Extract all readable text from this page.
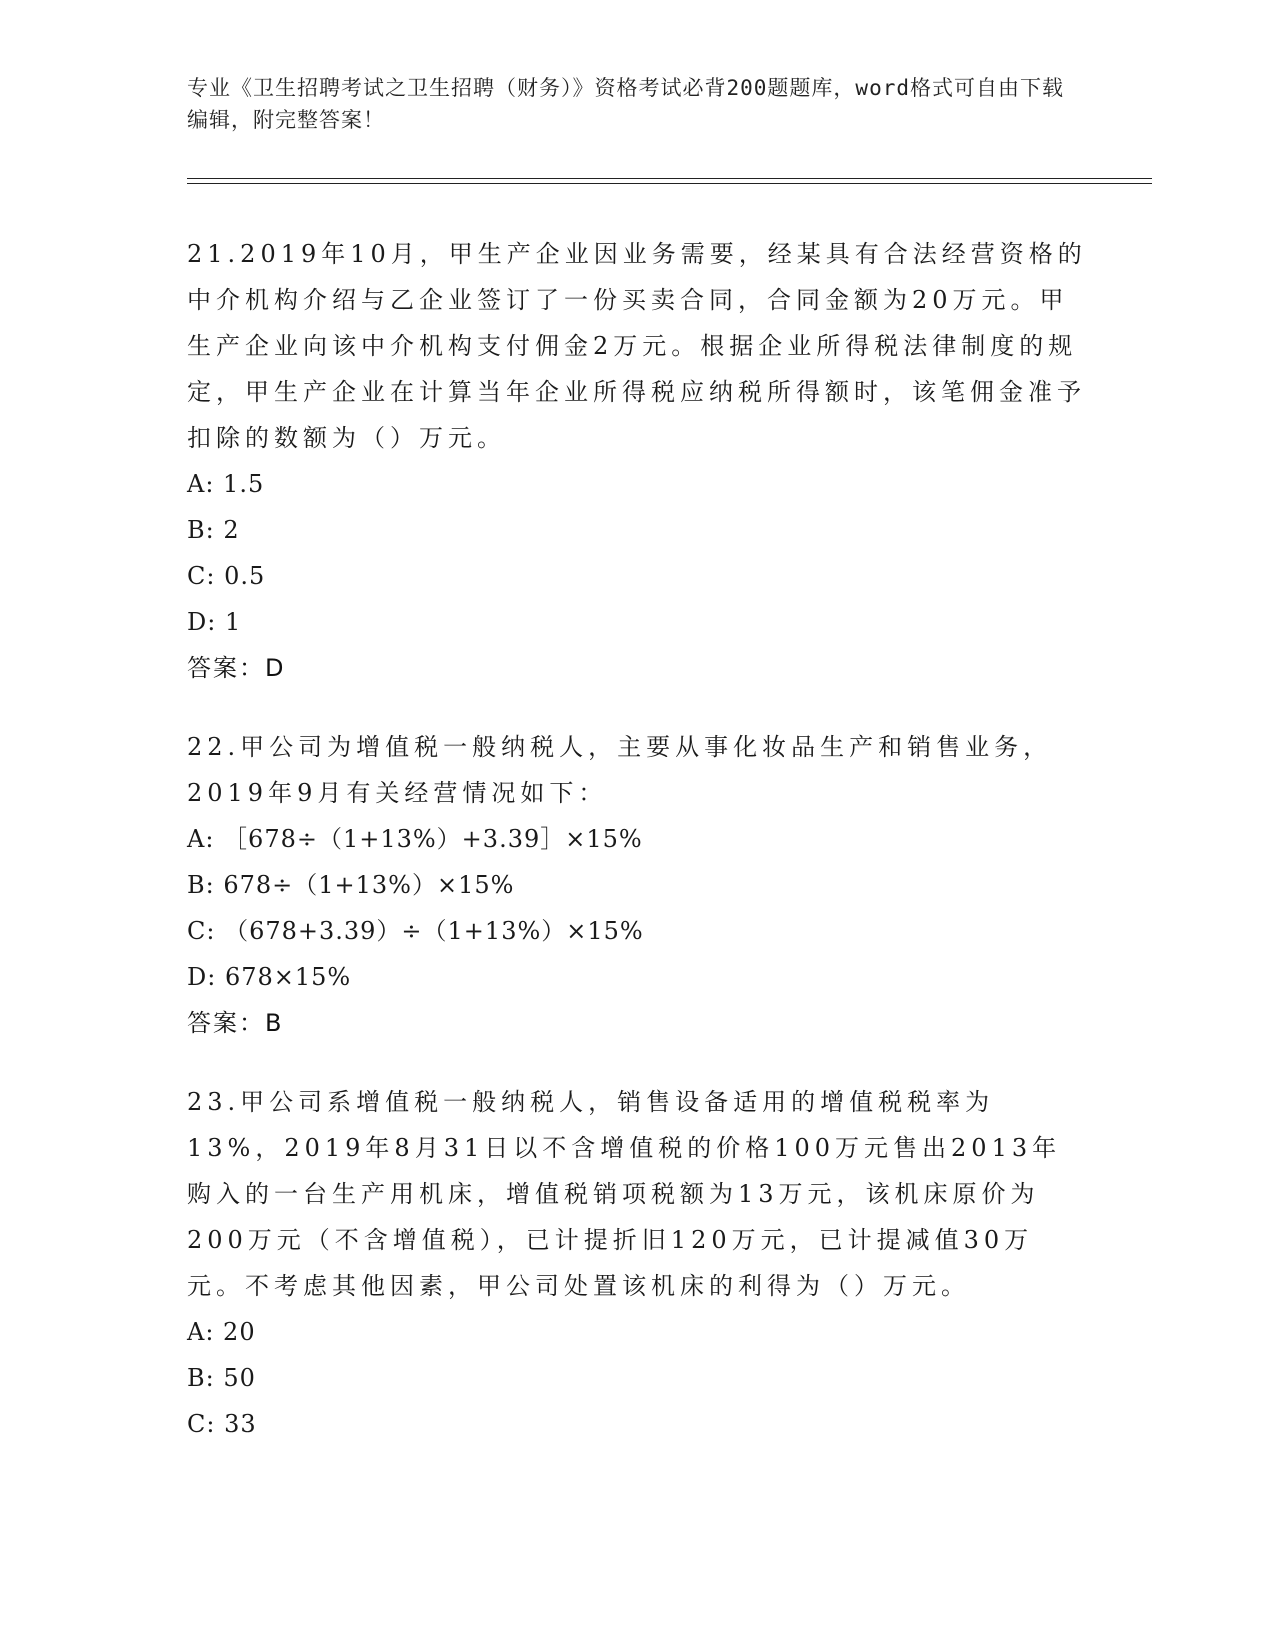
专业《卫生招聘考试之卫生招聘（财务）》资格考试必背200题题库，word格式可自由下载编辑，附完整答案！

21.2019年10月，甲生产企业因业务需要，经某具有合法经营资格的中介机构介绍与乙企业签订了一份买卖合同，合同金额为20万元。甲生产企业向该中介机构支付佣金2万元。根据企业所得税法律制度的规定，甲生产企业在计算当年企业所得税应纳税所得额时，该笔佣金准予扣除的数额为（）万元。

A: 1.5
B: 2
C: 0.5
D: 1

答案：D

22.甲公司为增值税一般纳税人，主要从事化妆品生产和销售业务，2019年9月有关经营情况如下：

A: ［678÷（1+13%）+3.39］×15%
B: 678÷（1+13%）×15%
C: （678+3.39）÷（1+13%）×15%
D: 678×15%

答案：B

23.甲公司系增值税一般纳税人，销售设备适用的增值税税率为13%，2019年8月31日以不含增值税的价格100万元售出2013年购入的一台生产用机床，增值税销项税额为13万元，该机床原价为200万元（不含增值税），已计提折旧120万元，已计提减值30万元。不考虑其他因素，甲公司处置该机床的利得为（）万元。

A: 20
B: 50
C: 33
